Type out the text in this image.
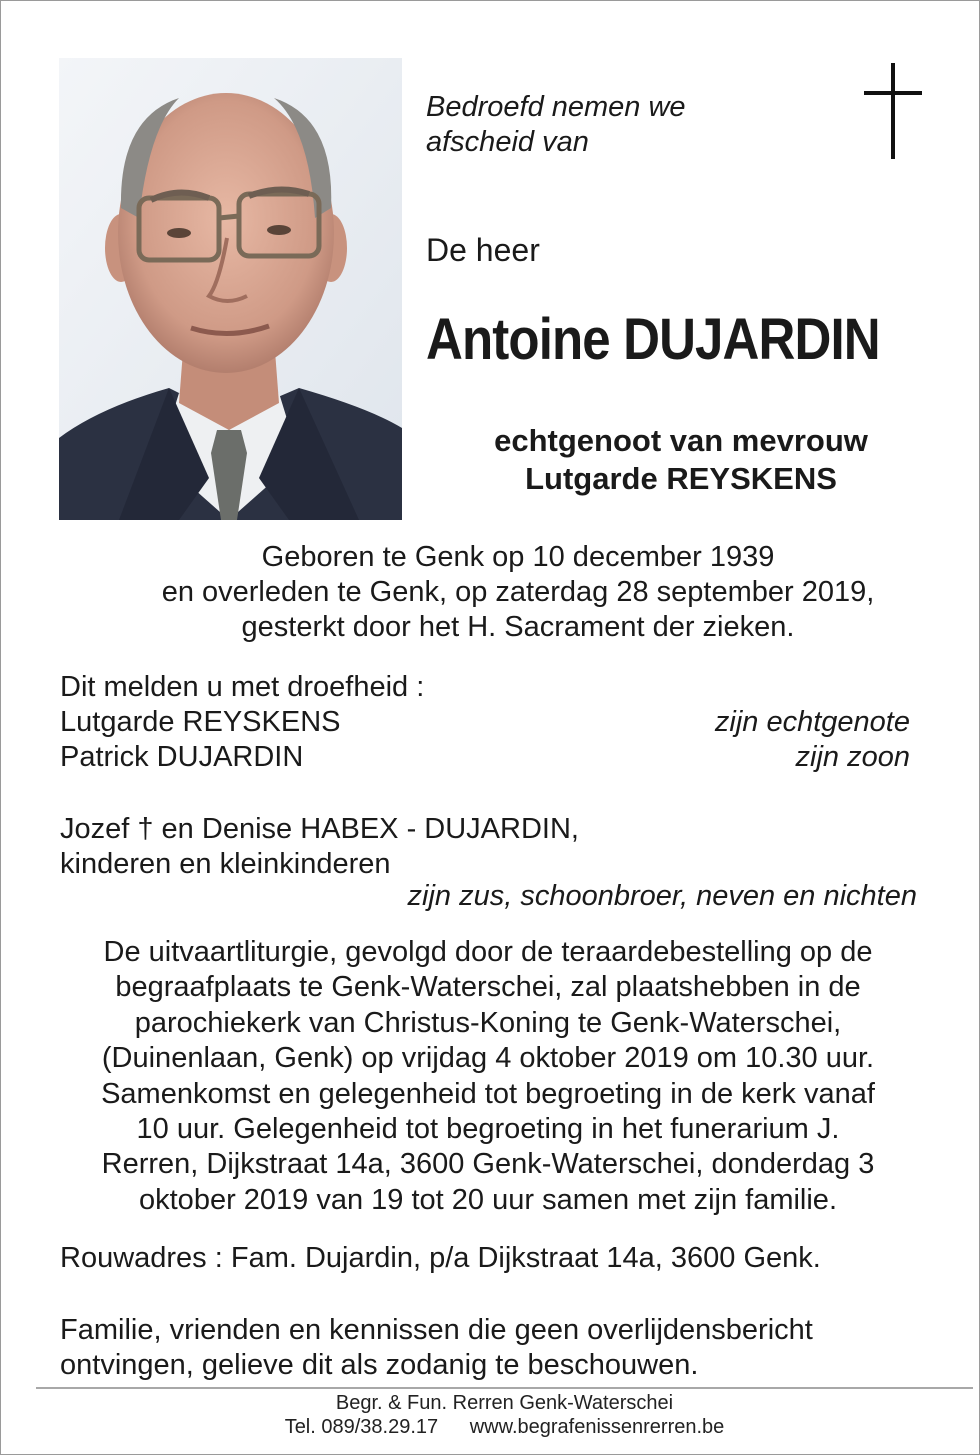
Bedroefd nemen we
afscheid van
De heer
Antoine DUJARDIN
echtgenoot van mevrouw
Lutgarde REYSKENS
Geboren te Genk op 10 december 1939
en overleden te Genk, op zaterdag 28 september 2019,
gesterkt door het H. Sacrament der zieken.
Dit melden u met droefheid :
Lutgarde REYSKENS	zijn echtgenote
Patrick DUJARDIN	zijn zoon
Jozef † en Denise HABEX - DUJARDIN,
kinderen en kleinkinderen
zijn zus, schoonbroer, neven en nichten
De uitvaartliturgie, gevolgd door de teraardebestelling op de
begraafplaats te Genk-Waterschei, zal plaatshebben in de
parochiekerk van Christus-Koning te Genk-Waterschei,
(Duinenlaan, Genk) op vrijdag 4 oktober 2019 om 10.30 uur.
Samenkomst en gelegenheid tot begroeting in de kerk vanaf
10 uur. Gelegenheid tot begroeting in het funerarium J.
Rerren, Dijkstraat 14a, 3600 Genk-Waterschei, donderdag 3
oktober 2019 van 19 tot 20 uur samen met zijn familie.
Rouwadres : Fam. Dujardin, p/a Dijkstraat 14a, 3600 Genk.
Familie, vrienden en kennissen die geen overlijdensbericht
ontvingen, gelieve dit als zodanig te beschouwen.
Begr. & Fun. Rerren Genk-Waterschei
Tel. 089/38.29.17 www.begrafenissenrerren.be
